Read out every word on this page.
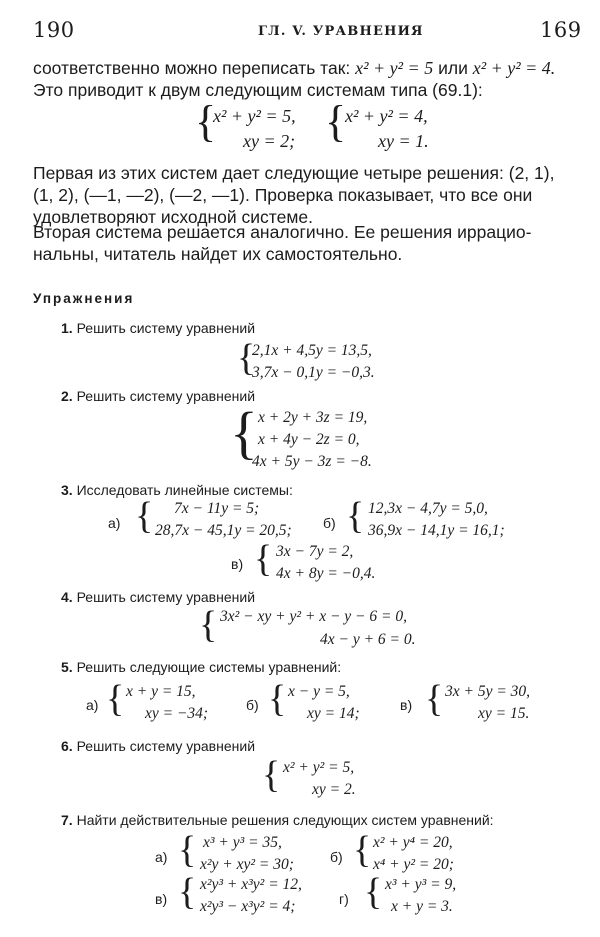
190	ГЛ. V. УРАВНЕНИЯ	169
соответственно можно переписать так: x² + y² = 5 или x² + y² = 4.
Это приводит к двум следующим системам типа (69.1):
{
x² + y² = 5,
xy = 2; {
x² + y² = 4,
xy = 1.
Первая из этих систем дает следующие четыре решения: (2, 1),
(1, 2), (—1, —2), (—2, —1). Проверка показывает, что все они
удовлетворяют исходной системе.
Вторая система решается аналогично. Ее решения иррацио-
нальны, читатель найдет их самостоятельно.
Упражнения
1. Решить систему уравнений
{
2,1x + 4,5y = 13,5,
3,7x − 0,1y = −0,3.
2. Решить систему уравнений
{ x + 2y + 3z = 19,
x + 4y − 2z = 0,
4x + 5y − 3z = −8.
3. Исследовать линейные системы:
а) { 7x − 11y = 5;
28,7x − 45,1y = 20,5; б) { 12,3x − 4,7y = 5,0,
36,9x − 14,1y = 16,1;
в) { 3x − 7y = 2,
4x + 8y = −0,4.
4. Решить систему уравнений
{ 3x² − xy + y² + x − y − 6 = 0,
4x − y + 6 = 0.
5. Решить следующие системы уравнений:
а) { x + y = 15,
xy = −34;	б) { x − y = 5,
xy = 14;	в) { 3x + 5y = 30,
xy = 15.
6. Решить систему уравнений
{ x² + y² = 5,
xy = 2.
7. Найти действительные решения следующих систем уравнений:
а) { x³ + y³ = 35,
x²y + xy² = 30;	б) { x² + y⁴ = 20,
x⁴ + y² = 20;
в) { x²y³ + x³y² = 12,
x²y³ − x³y² = 4;	г) { x³ + y³ = 9,
x + y = 3.
